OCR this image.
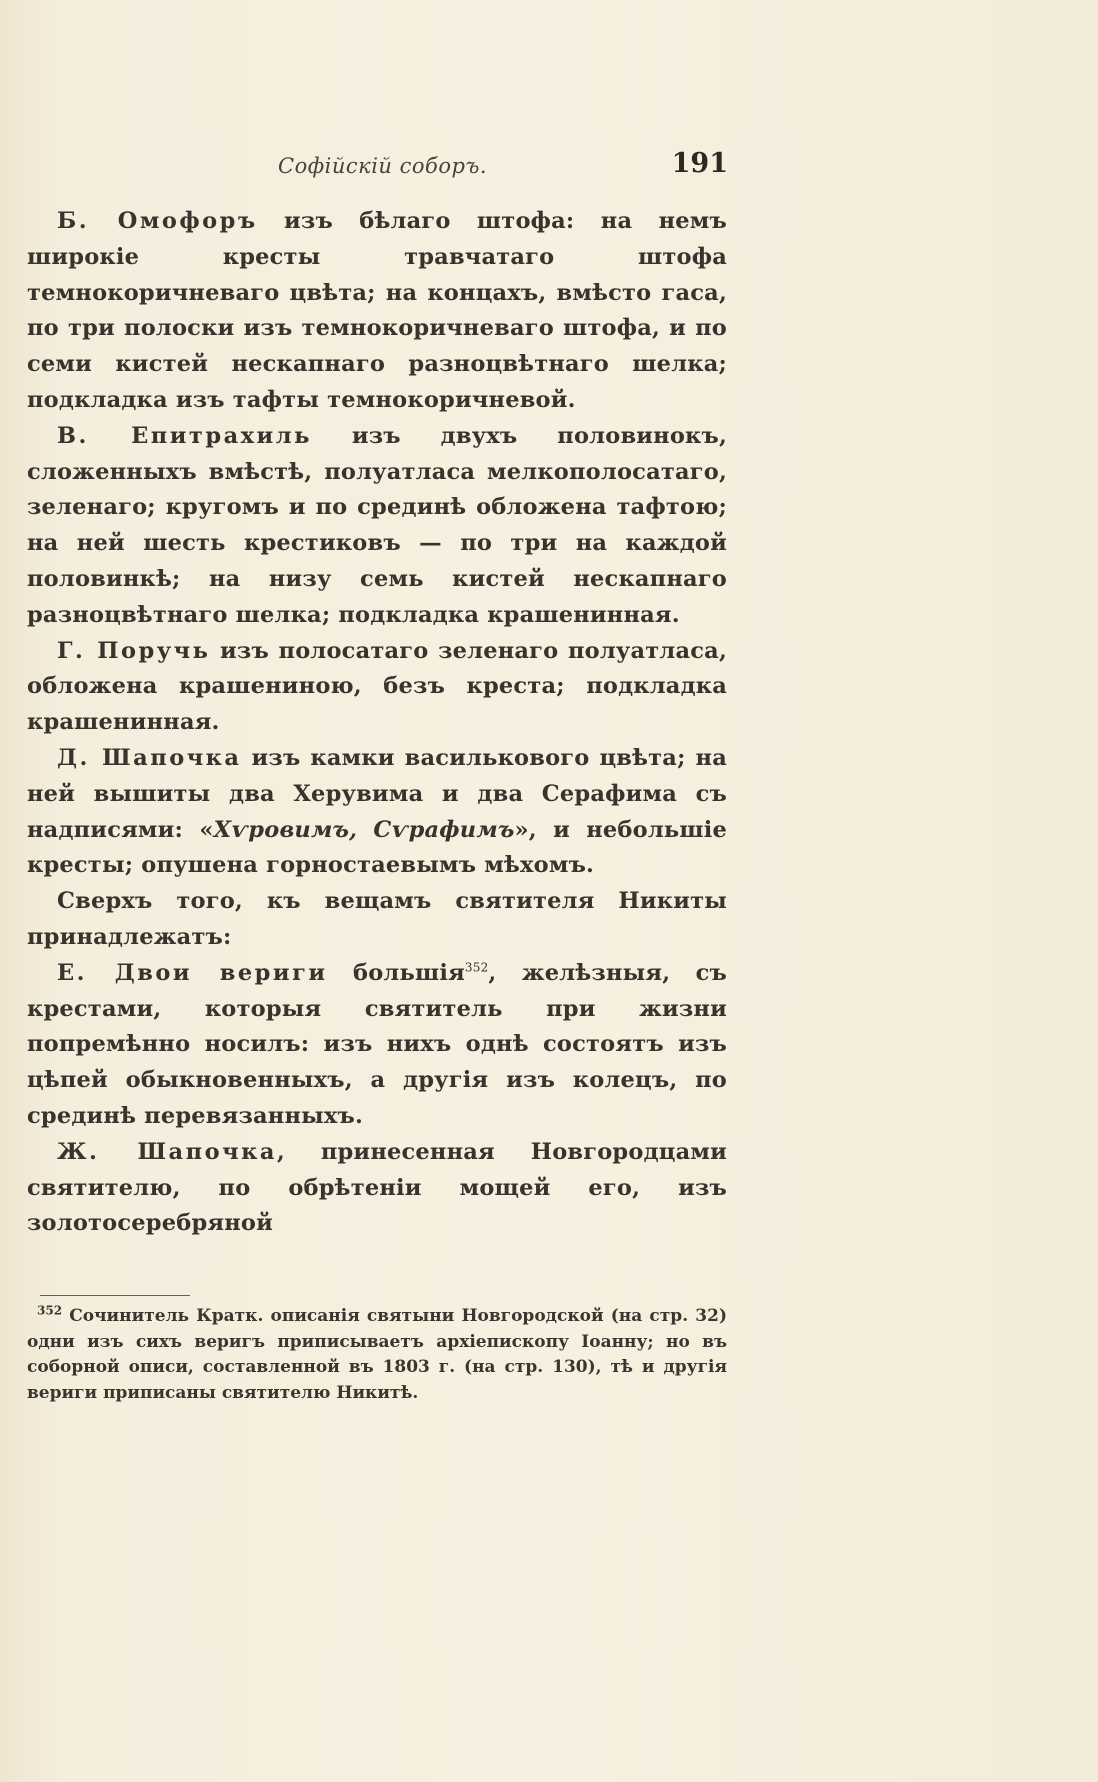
Софійскій соборъ.	191

Б. Омофоръ изъ бѣлаго штофа: на немъ широкіе кресты травчатаго штофа темнокоричневаго цвѣта; на концахъ, вмѣсто гаса, по три полоски изъ темнокоричневаго штофа, и по семи кистей нескапнаго разноцвѣтнаго шелка; подкладка изъ тафты темнокоричневой.

В. Епитрахиль изъ двухъ половинокъ, сложенныхъ вмѣстѣ, полуатласа мелкополосатаго, зеленаго; кругомъ и по срединѣ обложена тафтою; на ней шесть крестиковъ — по три на каждой половинкѣ; на низу семь кистей нескапнаго разноцвѣтнаго шелка; подкладка крашенинная.

Г. Поручь изъ полосатаго зеленаго полуатласа, обложена крашениною, безъ креста; подкладка крашенинная.

Д. Шапочка изъ камки василькового цвѣта; на ней вышиты два Херувима и два Серафима съ надписями: «Хѵровимъ, Сѵрафимъ», и небольшіе кресты; опушена горностаевымъ мѣхомъ.

Сверхъ того, къ вещамъ святителя Никиты принадлежатъ:

Е. Двои вериги большія$^{352}$, желѣзныя, съ крестами, которыя святитель при жизни попремѣнно носилъ: изъ нихъ однѣ состоятъ изъ цѣпей обыкновенныхъ, а другія изъ колецъ, по срединѣ перевязанныхъ.

Ж. Шапочка, принесенная Новгородцами святителю, по обрѣтеніи мощей его, изъ золотосеребряной

$^{352}$ Сочинитель Кратк. описанія святыни Новгородской (на стр. 32) одни изъ сихъ веригъ приписываетъ архіепископу Іоанну; но въ соборной описи, составленной въ 1803 г. (на стр. 130), тѣ и другія вериги приписаны святителю Никитѣ.
